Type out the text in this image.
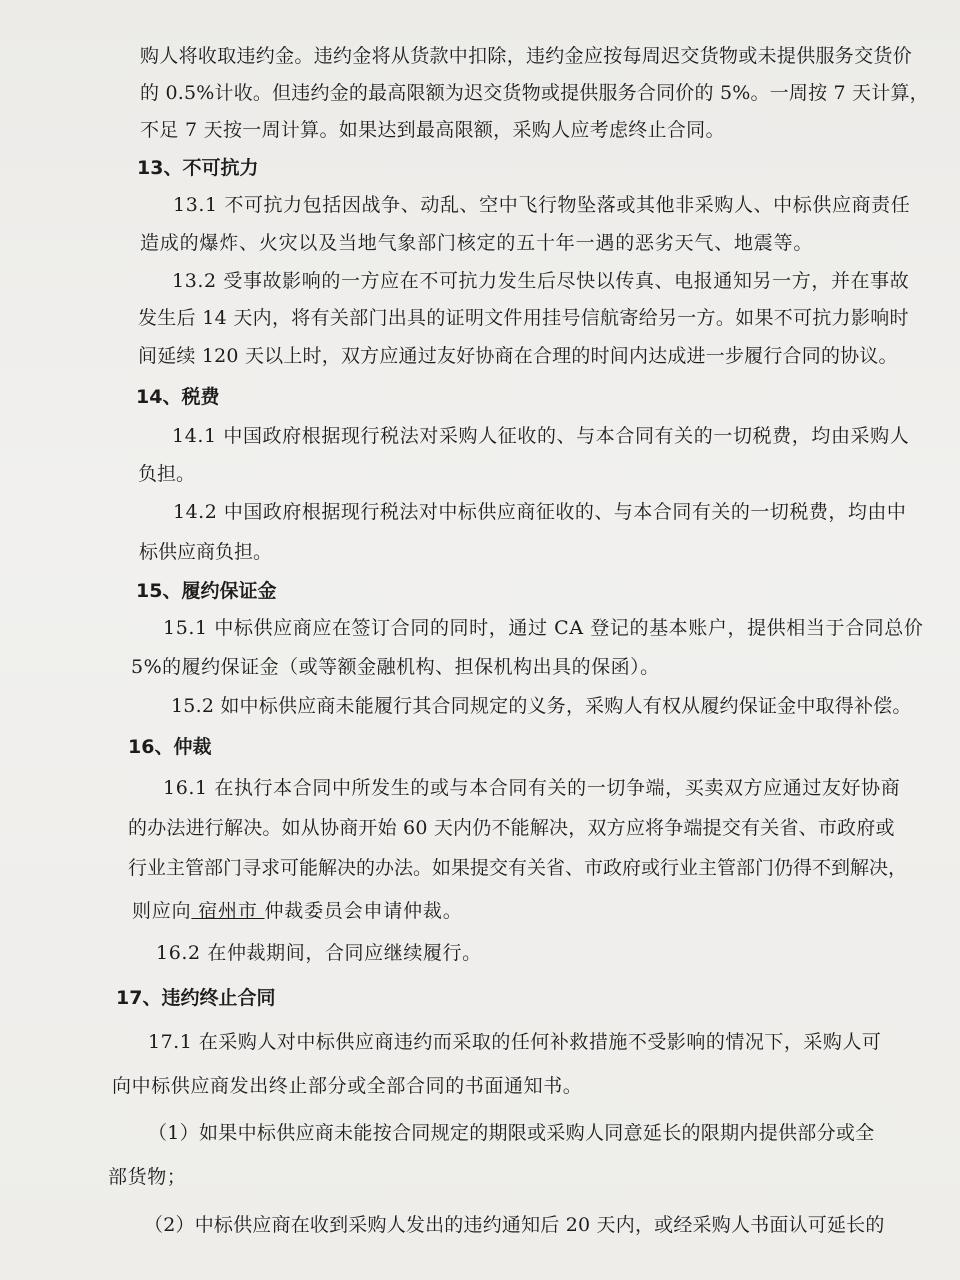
购人将收取违约金。违约金将从货款中扣除，违约金应按每周迟交货物或未提供服务交货价
的 0.5%计收。但违约金的最高限额为迟交货物或提供服务合同价的 5%。一周按 7 天计算，
不足 7 天按一周计算。如果达到最高限额，采购人应考虑终止合同。
13、不可抗力
13.1 不可抗力包括因战争、动乱、空中飞行物坠落或其他非采购人、中标供应商责任
造成的爆炸、火灾以及当地气象部门核定的五十年一遇的恶劣天气、地震等。
13.2 受事故影响的一方应在不可抗力发生后尽快以传真、电报通知另一方，并在事故
发生后 14 天内，将有关部门出具的证明文件用挂号信航寄给另一方。如果不可抗力影响时
间延续 120 天以上时，双方应通过友好协商在合理的时间内达成进一步履行合同的协议。
14、税费
14.1 中国政府根据现行税法对采购人征收的、与本合同有关的一切税费，均由采购人
负担。
14.2 中国政府根据现行税法对中标供应商征收的、与本合同有关的一切税费，均由中
标供应商负担。
15、履约保证金
15.1 中标供应商应在签订合同的同时，通过 CA 登记的基本账户，提供相当于合同总价
5%的履约保证金（或等额金融机构、担保机构出具的保函）。
15.2 如中标供应商未能履行其合同规定的义务，采购人有权从履约保证金中取得补偿。
16、仲裁
16.1 在执行本合同中所发生的或与本合同有关的一切争端，买卖双方应通过友好协商
的办法进行解决。如从协商开始 60 天内仍不能解决，双方应将争端提交有关省、市政府或
行业主管部门寻求可能解决的办法。如果提交有关省、市政府或行业主管部门仍得不到解决，
则应向 宿州市 仲裁委员会申请仲裁。
16.2 在仲裁期间，合同应继续履行。
17、违约终止合同
17.1 在采购人对中标供应商违约而采取的任何补救措施不受影响的情况下，采购人可
向中标供应商发出终止部分或全部合同的书面通知书。
（1）如果中标供应商未能按合同规定的期限或采购人同意延长的限期内提供部分或全
部货物；
（2）中标供应商在收到采购人发出的违约通知后 20 天内，或经采购人书面认可延长的
